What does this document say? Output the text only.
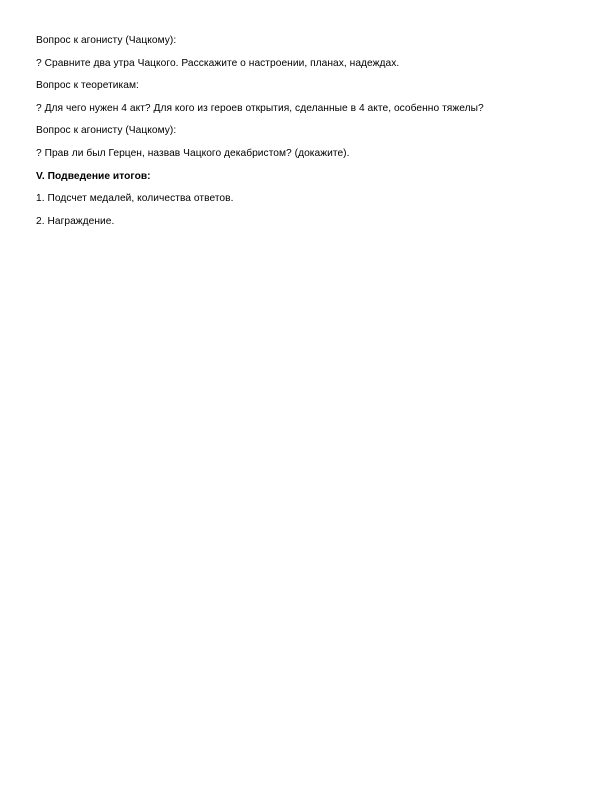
Вопрос к агонисту (Чацкому):

? Сравните два утра Чацкого. Расскажите о настроении, планах, надеждах.

Вопрос к теоретикам:

? Для чего нужен 4 акт? Для кого из героев открытия, сделанные в 4 акте, особенно тяжелы?

Вопрос к агонисту (Чацкому):

? Прав ли был Герцен, назвав Чацкого декабристом? (докажите).

V. Подведение итогов:

1. Подсчет медалей, количества ответов.

2. Награждение.
